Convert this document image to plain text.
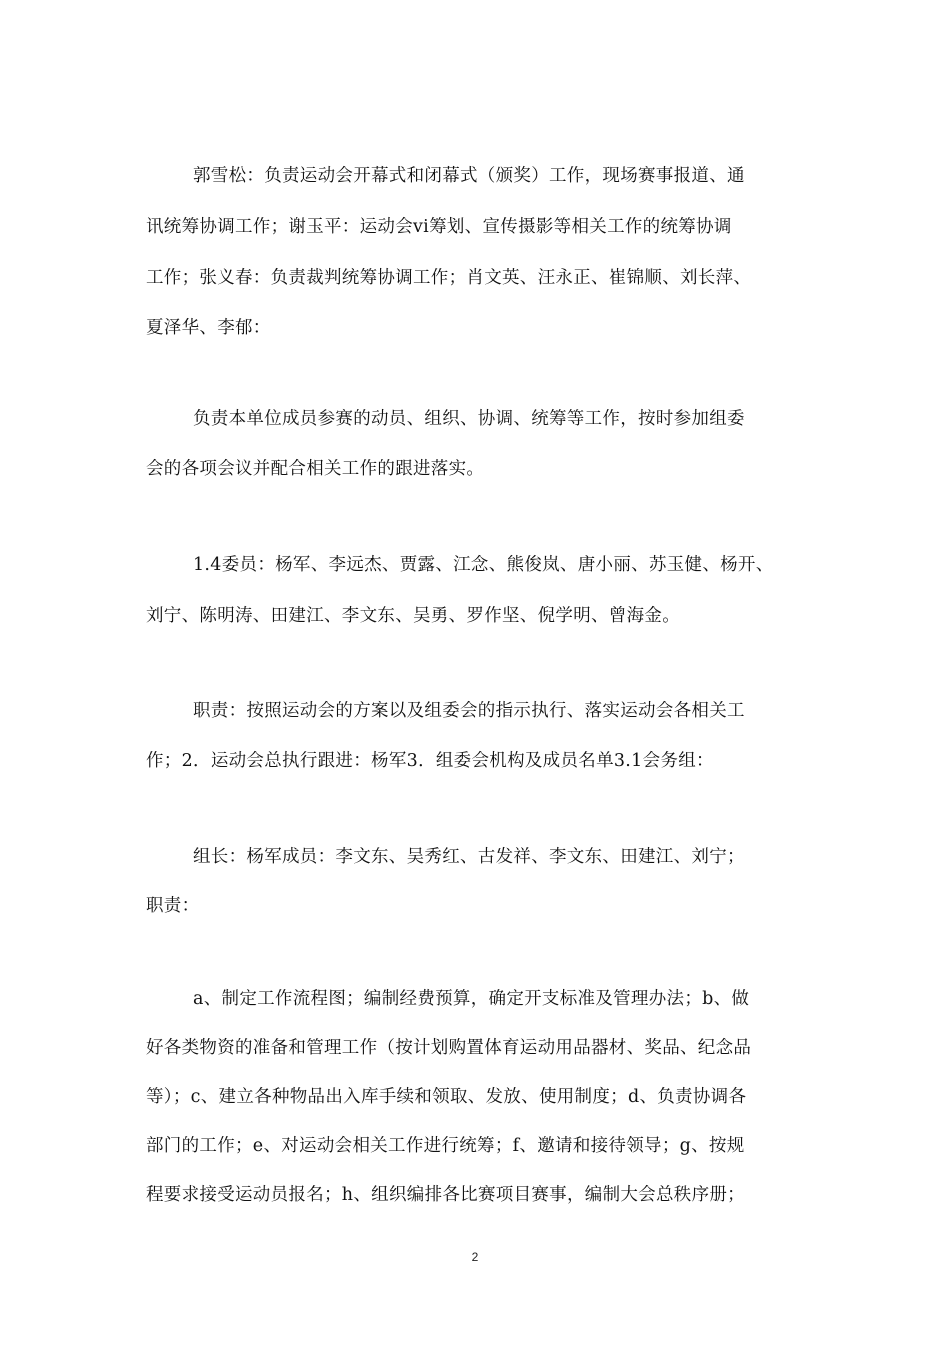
郭雪松：负责运动会开幕式和闭幕式（颁奖）工作，现场赛事报道、通
讯统筹协调工作；谢玉平：运动会vi筹划、宣传摄影等相关工作的统筹协调
工作；张义春：负责裁判统筹协调工作；肖文英、汪永正、崔锦顺、刘长萍、
夏泽华、李郁：
负责本单位成员参赛的动员、组织、协调、统筹等工作，按时参加组委
会的各项会议并配合相关工作的跟进落实。
1.4委员：杨军、李远杰、贾露、江念、熊俊岚、唐小丽、苏玉健、杨开、
刘宁、陈明涛、田建江、李文东、吴勇、罗作坚、倪学明、曾海金。
职责：按照运动会的方案以及组委会的指示执行、落实运动会各相关工
作；2．运动会总执行跟进：杨军3．组委会机构及成员名单3.1会务组：
组长：杨军成员：李文东、吴秀红、古发祥、李文东、田建江、刘宁；
职责：
a、制定工作流程图；编制经费预算，确定开支标准及管理办法；b、做
好各类物资的准备和管理工作（按计划购置体育运动用品器材、奖品、纪念品
等）；c、建立各种物品出入库手续和领取、发放、使用制度；d、负责协调各
部门的工作；e、对运动会相关工作进行统筹；f、邀请和接待领导；g、按规
程要求接受运动员报名；h、组织编排各比赛项目赛事，编制大会总秩序册；
2
